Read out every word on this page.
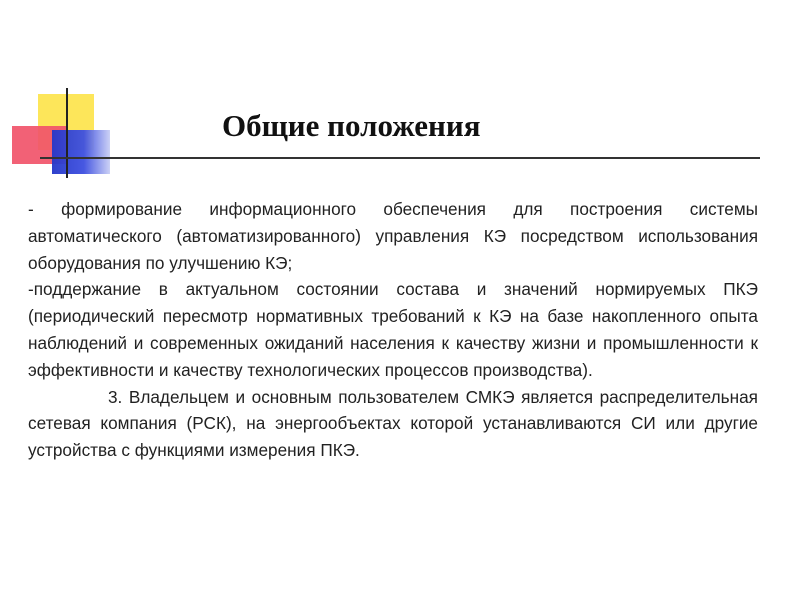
Общие положения

- формирование информационного обеспечения для построения системы автоматического (автоматизированного) управления КЭ посредством использования оборудования по улучшению КЭ;

-поддержание в актуальном состоянии состава и значений нормируемых ПКЭ (периодический пересмотр нормативных требований к КЭ на базе накопленного опыта наблюдений и современных ожиданий населения к качеству жизни и промышленности к эффективности и качеству технологических процессов производства).

3. Владельцем и основным пользователем СМКЭ является распределительная сетевая компания (РСК), на энергообъектах которой устанавливаются СИ или другие устройства с функциями измерения ПКЭ.
